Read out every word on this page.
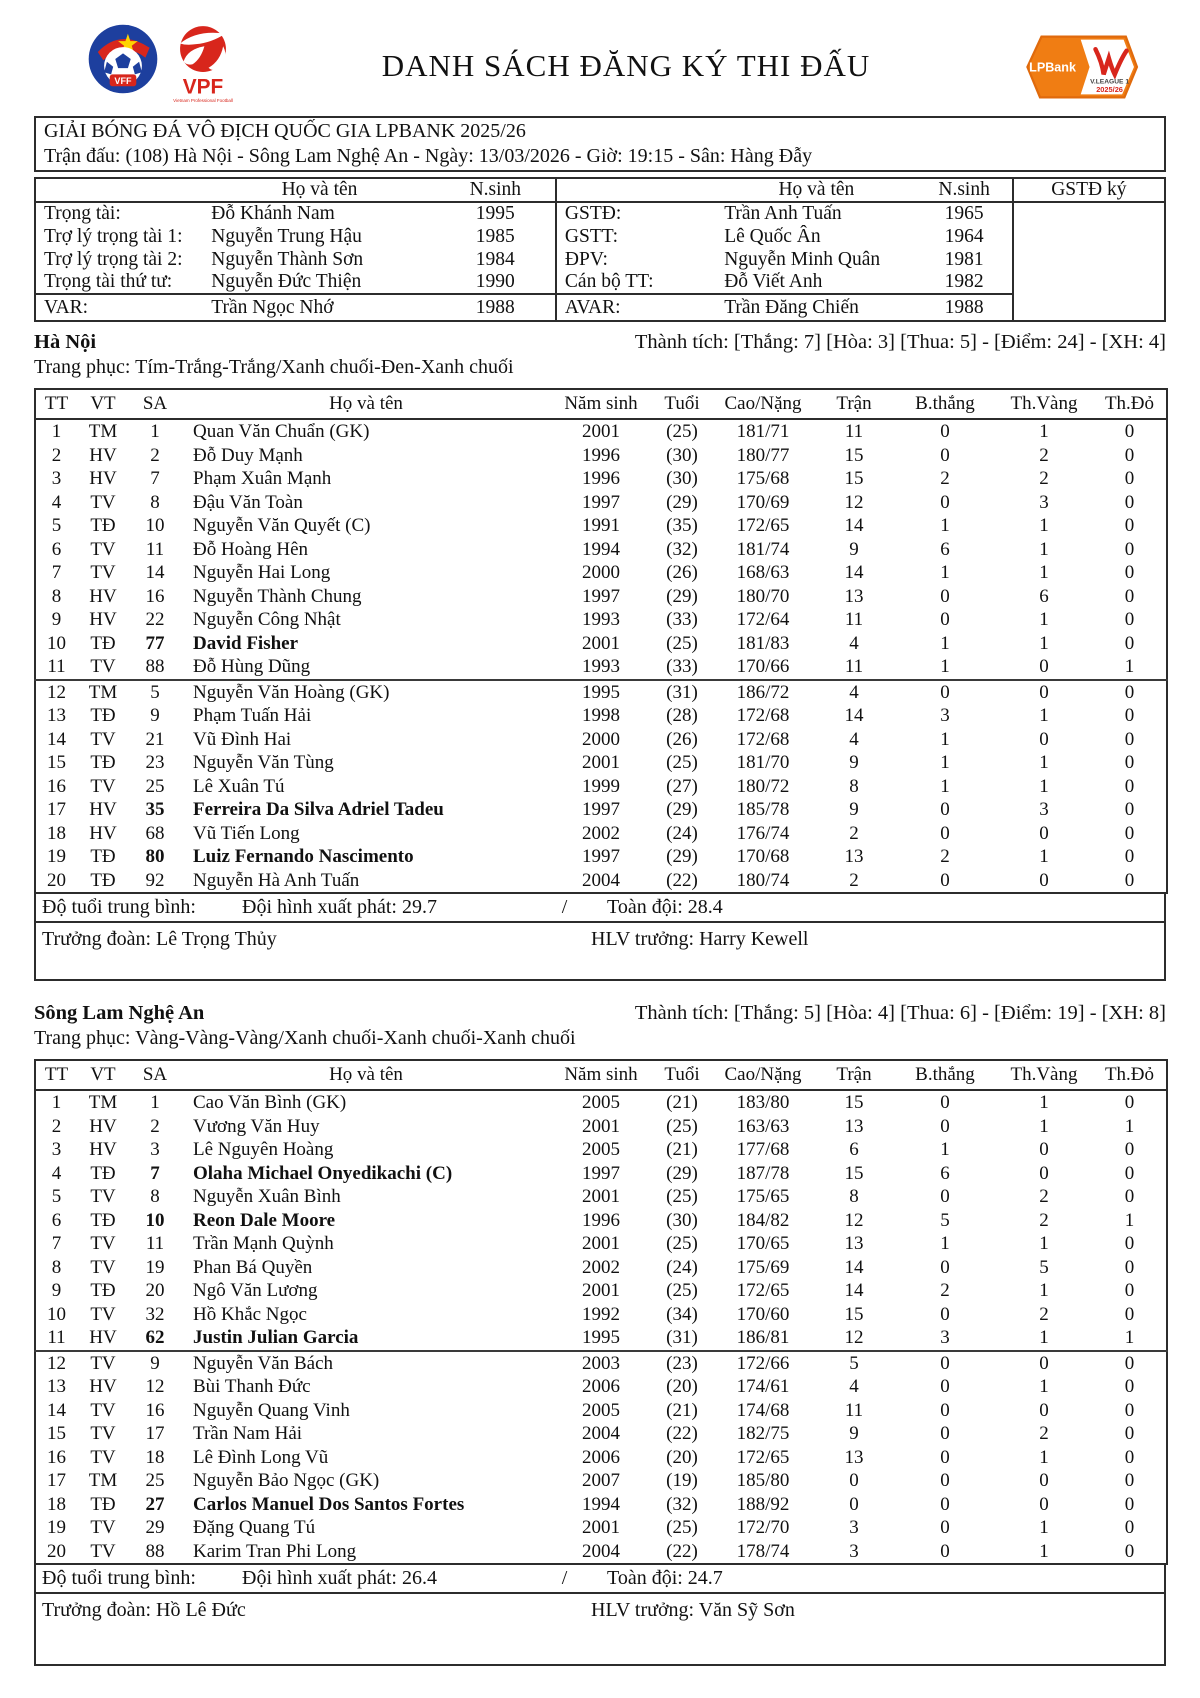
VFF VPF
Vietnam Professional Football
DANH SÁCH ĐĂNG KÝ THI ĐẤU	LPBank
V.LEAGUE 1
2025/26
GIẢI BÓNG ĐÁ VÔ ĐỊCH QUỐC GIA LPBANK 2025/26
Trận đấu: (108) Hà Nội - Sông Lam Nghệ An - Ngày: 13/03/2026 - Giờ: 19:15 - Sân: Hàng Đẫy
	Họ và tên	N.sinh		Họ và tên	N.sinh	GSTĐ ký
Trọng tài:	Đỗ Khánh Nam	1995	GSTĐ:	Trần Anh Tuấn	1965	
Trợ lý trọng tài 1:	Nguyễn Trung Hậu	1985	GSTT:	Lê Quốc Ân	1964	
Trợ lý trọng tài 2:	Nguyễn Thành Sơn	1984	ĐPV:	Nguyễn Minh Quân	1981	
Trọng tài thứ tư:	Nguyễn Đức Thiện	1990	Cán bộ TT:	Đỗ Viết Anh	1982	
VAR:	Trần Ngọc Nhớ	1988	AVAR:	Trần Đăng Chiến	1988	
Hà Nội	Thành tích: [Thắng: 7] [Hòa: 3] [Thua: 5] - [Điểm: 24] - [XH: 4]
Trang phục: Tím-Trắng-Trắng/Xanh chuối-Đen-Xanh chuối
TT	VT	SA	Họ và tên	Năm sinh	Tuổi	Cao/Nặng	Trận	B.thắng	Th.Vàng	Th.Đỏ
1	TM	1	Quan Văn Chuẩn (GK)	2001	(25)	181/71	11	0	1	0
2	HV	2	Đỗ Duy Mạnh	1996	(30)	180/77	15	0	2	0
3	HV	7	Phạm Xuân Mạnh	1996	(30)	175/68	15	2	2	0
4	TV	8	Đậu Văn Toàn	1997	(29)	170/69	12	0	3	0
5	TĐ	10	Nguyễn Văn Quyết (C)	1991	(35)	172/65	14	1	1	0
6	TV	11	Đỗ Hoàng Hên	1994	(32)	181/74	9	6	1	0
7	TV	14	Nguyễn Hai Long	2000	(26)	168/63	14	1	1	0
8	HV	16	Nguyễn Thành Chung	1997	(29)	180/70	13	0	6	0
9	HV	22	Nguyễn Công Nhật	1993	(33)	172/64	11	0	1	0
10	TĐ	77	David Fisher	2001	(25)	181/83	4	1	1	0
11	TV	88	Đỗ Hùng Dũng	1993	(33)	170/66	11	1	0	1
12	TM	5	Nguyễn Văn Hoàng (GK)	1995	(31)	186/72	4	0	0	0
13	TĐ	9	Phạm Tuấn Hải	1998	(28)	172/68	14	3	1	0
14	TV	21	Vũ Đình Hai	2000	(26)	172/68	4	1	0	0
15	TĐ	23	Nguyễn Văn Tùng	2001	(25)	181/70	9	1	1	0
16	TV	25	Lê Xuân Tú	1999	(27)	180/72	8	1	1	0
17	HV	35	Ferreira Da Silva Adriel Tadeu	1997	(29)	185/78	9	0	3	0
18	HV	68	Vũ Tiến Long	2002	(24)	176/74	2	0	0	0
19	TĐ	80	Luiz Fernando Nascimento	1997	(29)	170/68	13	2	1	0
20	TĐ	92	Nguyễn Hà Anh Tuấn	2004	(22)	180/74	2	0	0	0
Độ tuổi trung bình:	Đội hình xuất phát: 29.7	/	Toàn đội: 28.4
Trưởng đoàn: Lê Trọng Thủy	HLV trưởng: Harry Kewell
Sông Lam Nghệ An	Thành tích: [Thắng: 5] [Hòa: 4] [Thua: 6] - [Điểm: 19] - [XH: 8]
Trang phục: Vàng-Vàng-Vàng/Xanh chuối-Xanh chuối-Xanh chuối
TT	VT	SA	Họ và tên	Năm sinh	Tuổi	Cao/Nặng	Trận	B.thắng	Th.Vàng	Th.Đỏ
1	TM	1	Cao Văn Bình (GK)	2005	(21)	183/80	15	0	1	0
2	HV	2	Vương Văn Huy	2001	(25)	163/63	13	0	1	1
3	HV	3	Lê Nguyên Hoàng	2005	(21)	177/68	6	1	0	0
4	TĐ	7	Olaha Michael Onyedikachi (C)	1997	(29)	187/78	15	6	0	0
5	TV	8	Nguyễn Xuân Bình	2001	(25)	175/65	8	0	2	0
6	TĐ	10	Reon Dale Moore	1996	(30)	184/82	12	5	2	1
7	TV	11	Trần Mạnh Quỳnh	2001	(25)	170/65	13	1	1	0
8	TV	19	Phan Bá Quyền	2002	(24)	175/69	14	0	5	0
9	TĐ	20	Ngô Văn Lương	2001	(25)	172/65	14	2	1	0
10	TV	32	Hồ Khắc Ngọc	1992	(34)	170/60	15	0	2	0
11	HV	62	Justin Julian Garcia	1995	(31)	186/81	12	3	1	1
12	TV	9	Nguyễn Văn Bách	2003	(23)	172/66	5	0	0	0
13	HV	12	Bùi Thanh Đức	2006	(20)	174/61	4	0	1	0
14	TV	16	Nguyễn Quang Vinh	2005	(21)	174/68	11	0	0	0
15	TV	17	Trần Nam Hải	2004	(22)	182/75	9	0	2	0
16	TV	18	Lê Đình Long Vũ	2006	(20)	172/65	13	0	1	0
17	TM	25	Nguyễn Bảo Ngọc (GK)	2007	(19)	185/80	0	0	0	0
18	TĐ	27	Carlos Manuel Dos Santos Fortes	1994	(32)	188/92	0	0	0	0
19	TV	29	Đặng Quang Tú	2001	(25)	172/70	3	0	1	0
20	TV	88	Karim Tran Phi Long	2004	(22)	178/74	3	0	1	0
Độ tuổi trung bình:	Đội hình xuất phát: 26.4	/	Toàn đội: 24.7
Trưởng đoàn: Hồ Lê Đức	HLV trưởng: Văn Sỹ Sơn
